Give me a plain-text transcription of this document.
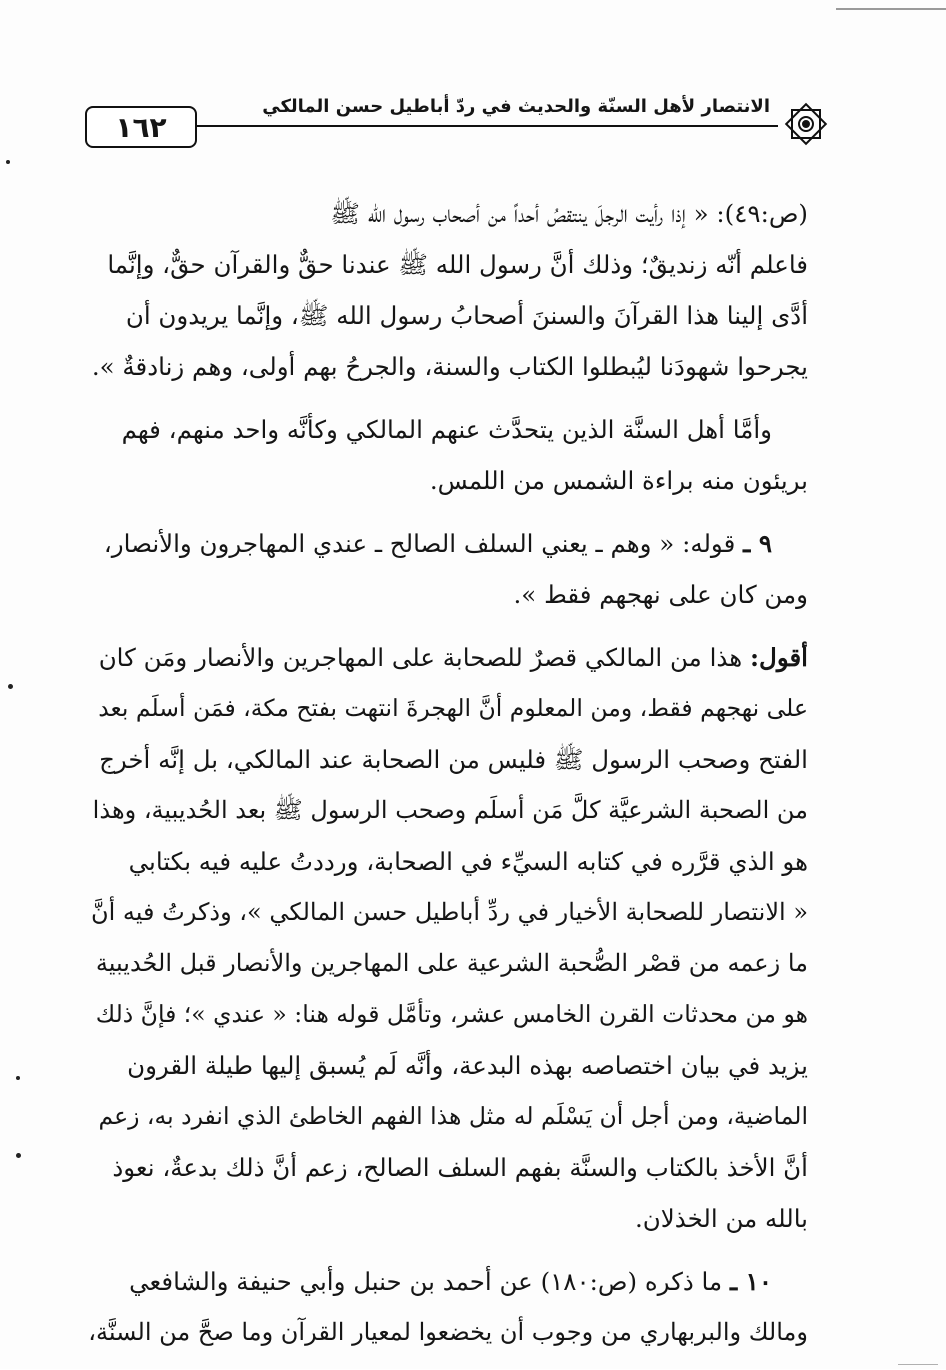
١٦٢
الانتصار لأهل السنّة والحديث في ردّ أباطيل حسن المالكي

(ص:٤٩): « إذا رأيت الرجلَ ينتقصُ أحداً من أصحاب رسول الله ﷺ
فاعلم أنّه زنديقٌ؛ وذلك أنَّ رسول الله ﷺ عندنا حقٌّ والقرآن حقٌّ، وإنَّما
أدَّى إلينا هذا القرآنَ والسننَ أصحابُ رسول الله ﷺ، وإنَّما يريدون أن
يجرحوا شهودَنا ليُبطلوا الكتاب والسنة، والجرحُ بهم أولى، وهم زنادقةٌ ».

وأمَّا أهل السنَّة الذين يتحدَّث عنهم المالكي وكأنَّه واحد منهم، فهم
بريئون منه براءة الشمس من اللمس.

٩ ـ قوله: « وهم ـ يعني السلف الصالح ـ عندي المهاجرون والأنصار،
ومن كان على نهجهم فقط ».

أقول: هذا من المالكي قصرٌ للصحابة على المهاجرين والأنصار ومَن كان
على نهجهم فقط، ومن المعلوم أنَّ الهجرةَ انتهت بفتح مكة، فمَن أسلَم بعد
الفتح وصحب الرسول ﷺ فليس من الصحابة عند المالكي، بل إنَّه أخرج
من الصحبة الشرعيَّة كلَّ مَن أسلَم وصحب الرسول ﷺ بعد الحُديبية، وهذا
هو الذي قرَّره في كتابه السيِّء في الصحابة، ورددتُ عليه فيه بكتابي
« الانتصار للصحابة الأخيار في ردِّ أباطيل حسن المالكي »، وذكرتُ فيه أنَّ
ما زعمه من قصْر الصُّحبة الشرعية على المهاجرين والأنصار قبل الحُديبية
هو من محدثات القرن الخامس عشر، وتأمَّل قوله هنا: « عندي »؛ فإنَّ ذلك
يزيد في بيان اختصاصه بهذه البدعة، وأنَّه لَم يُسبق إليها طيلة القرون
الماضية، ومن أجل أن يَسْلَم له مثل هذا الفهم الخاطئ الذي انفرد به، زعم
أنَّ الأخذ بالكتاب والسنَّة بفهم السلف الصالح، زعم أنَّ ذلك بدعةٌ، نعوذ
بالله من الخذلان.

١٠ ـ ما ذكره (ص:١٨٠) عن أحمد بن حنبل وأبي حنيفة والشافعي
ومالك والبربهاري من وجوب أن يخضعوا لمعيار القرآن وما صحَّ من السنَّة،
